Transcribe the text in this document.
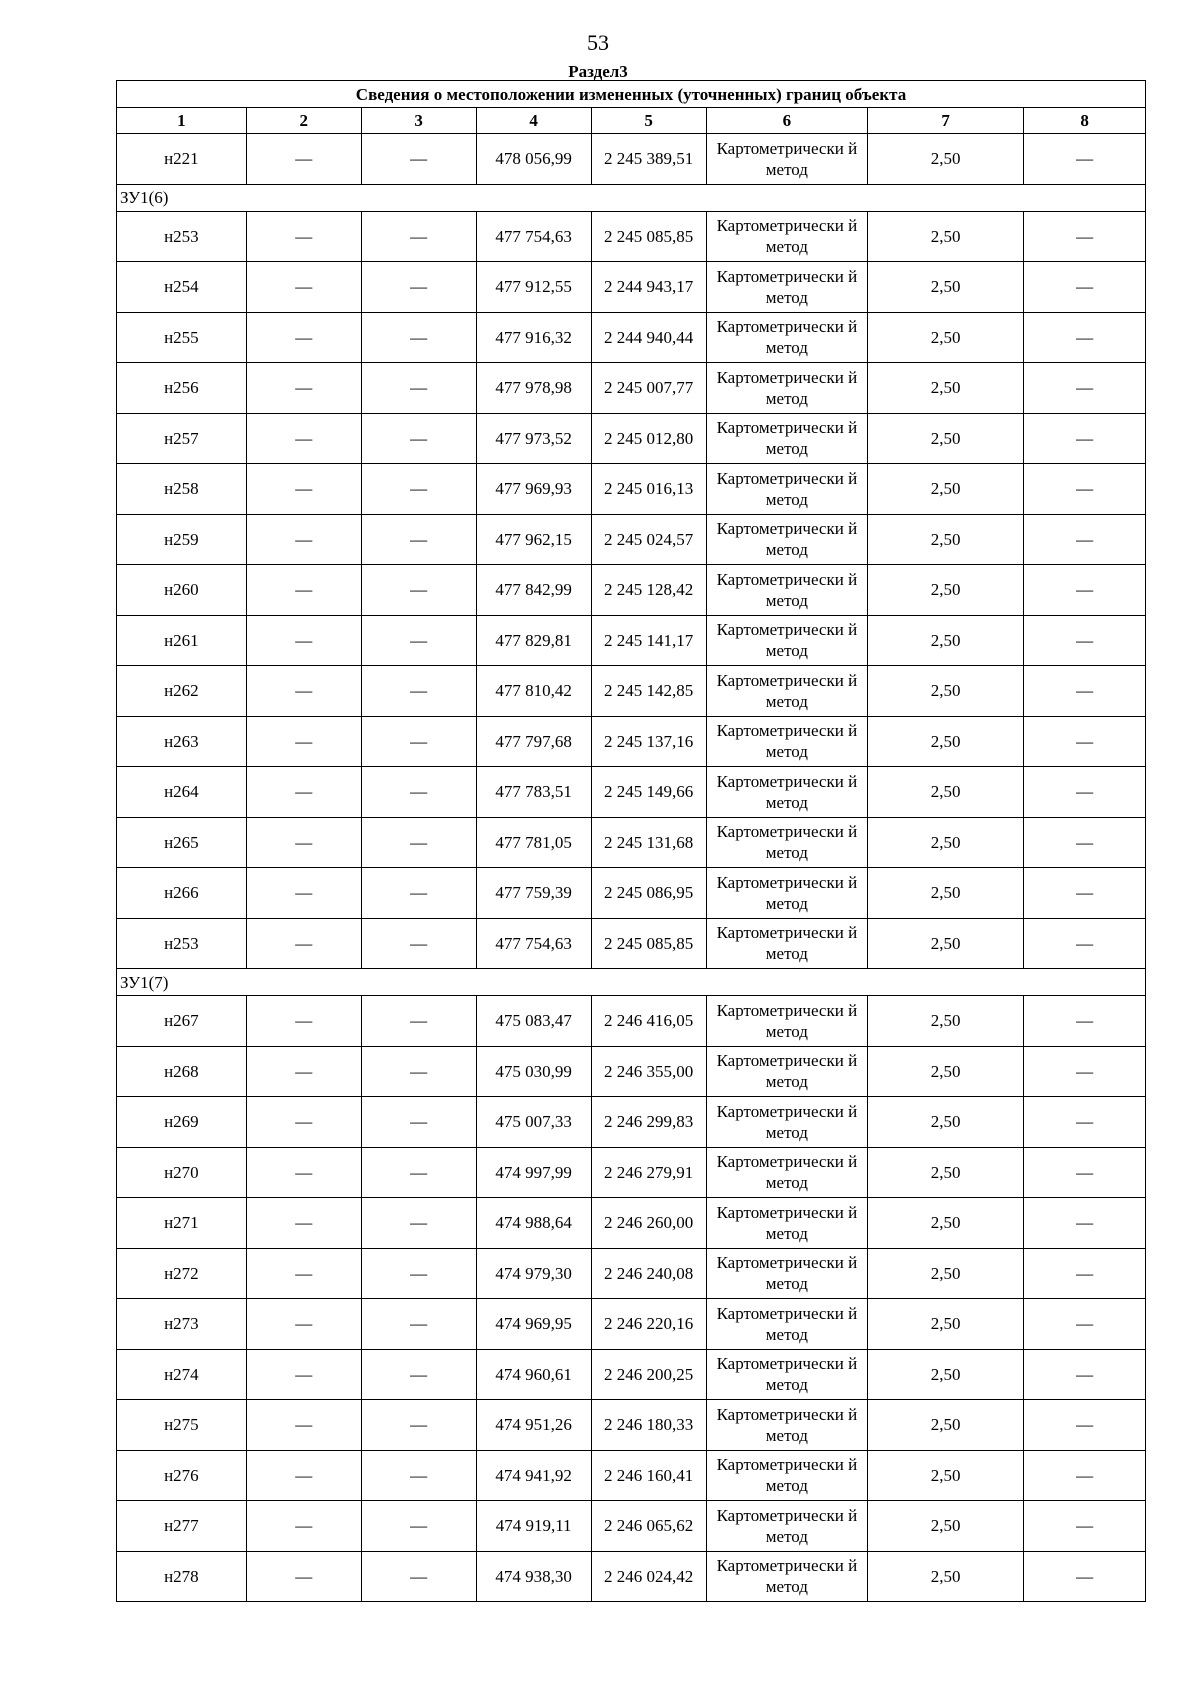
53
Раздел3
Сведения о местоположении измененных (уточненных) границ объекта							
1	2	3	4	5	6	7	8
н221	—	—	478 056,99	2 245 389,51	Картометрически й метод	2,50	—
ЗУ1(6)							
н253	—	—	477 754,63	2 245 085,85	Картометрически й метод	2,50	—
н254	—	—	477 912,55	2 244 943,17	Картометрически й метод	2,50	—
н255	—	—	477 916,32	2 244 940,44	Картометрически й метод	2,50	—
н256	—	—	477 978,98	2 245 007,77	Картометрически й метод	2,50	—
н257	—	—	477 973,52	2 245 012,80	Картометрически й метод	2,50	—
н258	—	—	477 969,93	2 245 016,13	Картометрически й метод	2,50	—
н259	—	—	477 962,15	2 245 024,57	Картометрически й метод	2,50	—
н260	—	—	477 842,99	2 245 128,42	Картометрически й метод	2,50	—
н261	—	—	477 829,81	2 245 141,17	Картометрически й метод	2,50	—
н262	—	—	477 810,42	2 245 142,85	Картометрически й метод	2,50	—
н263	—	—	477 797,68	2 245 137,16	Картометрически й метод	2,50	—
н264	—	—	477 783,51	2 245 149,66	Картометрически й метод	2,50	—
н265	—	—	477 781,05	2 245 131,68	Картометрически й метод	2,50	—
н266	—	—	477 759,39	2 245 086,95	Картометрически й метод	2,50	—
н253	—	—	477 754,63	2 245 085,85	Картометрически й метод	2,50	—
ЗУ1(7)							
н267	—	—	475 083,47	2 246 416,05	Картометрически й метод	2,50	—
н268	—	—	475 030,99	2 246 355,00	Картометрически й метод	2,50	—
н269	—	—	475 007,33	2 246 299,83	Картометрически й метод	2,50	—
н270	—	—	474 997,99	2 246 279,91	Картометрически й метод	2,50	—
н271	—	—	474 988,64	2 246 260,00	Картометрически й метод	2,50	—
н272	—	—	474 979,30	2 246 240,08	Картометрически й метод	2,50	—
н273	—	—	474 969,95	2 246 220,16	Картометрически й метод	2,50	—
н274	—	—	474 960,61	2 246 200,25	Картометрически й метод	2,50	—
н275	—	—	474 951,26	2 246 180,33	Картометрически й метод	2,50	—
н276	—	—	474 941,92	2 246 160,41	Картометрически й метод	2,50	—
н277	—	—	474 919,11	2 246 065,62	Картометрически й метод	2,50	—
н278	—	—	474 938,30	2 246 024,42	Картометрически й метод	2,50	—
